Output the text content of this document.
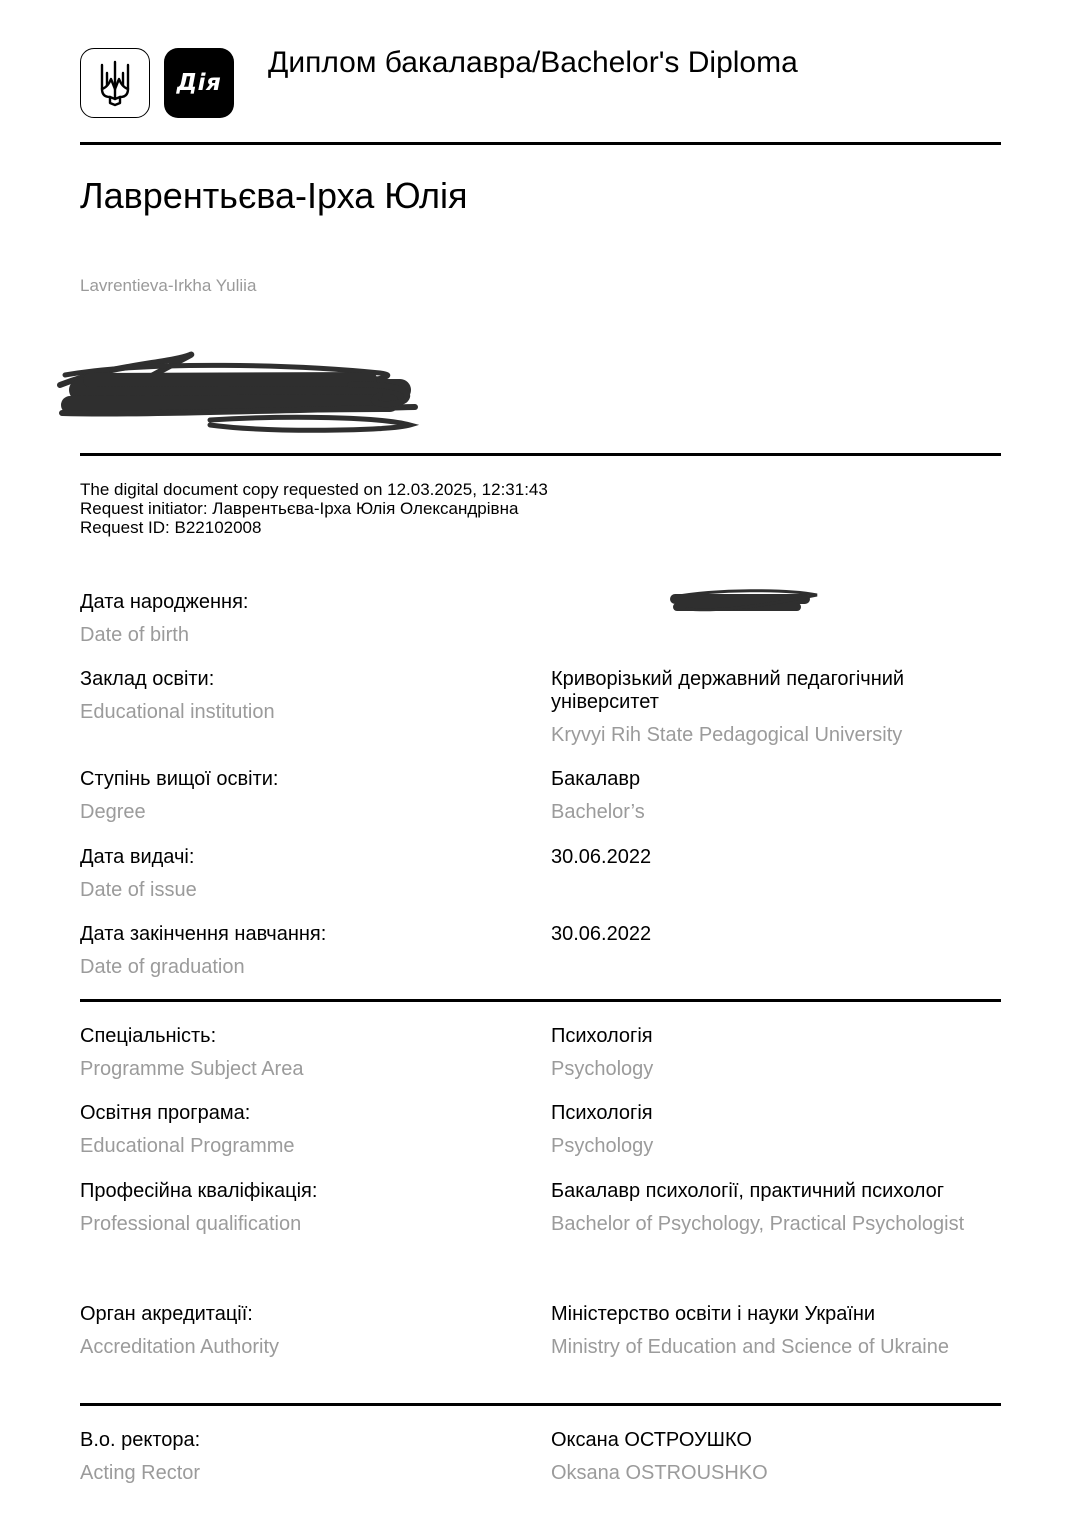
Дія
Диплом бакалавра/Bachelor's Diploma
Лаврентьєва-Ірха Юлія
Lavrentieva-Irkha Yuliia
The digital document copy requested on 12.03.2025, 12:31:43
Request initiator: Лаврентьєва-Ірха Юлія Олександрівна
Request ID: B22102008
Дата народження:
Date of birth
Заклад освіти:
Educational institution
Криворізький державний педагогічний університет
Kryvyi Rih State Pedagogical University
Ступінь вищої освіти:
Degree
Бакалавр
Bachelor’s
Дата видачі:
Date of issue
30.06.2022
Дата закінчення навчання:
Date of graduation
30.06.2022
Спеціальність:
Programme Subject Area
Психологія
Psychology
Освітня програма:
Educational Programme
Психологія
Psychology
Професійна кваліфікація:
Professional qualification
Бакалавр психології, практичний психолог
Bachelor of Psychology, Practical Psychologist
Орган акредитації:
Accreditation Authority
Міністерство освіти і науки України
Ministry of Education and Science of Ukraine
В.о. ректора:
Acting Rector
Оксана ОСТРОУШКО
Oksana OSTROUSHKO
